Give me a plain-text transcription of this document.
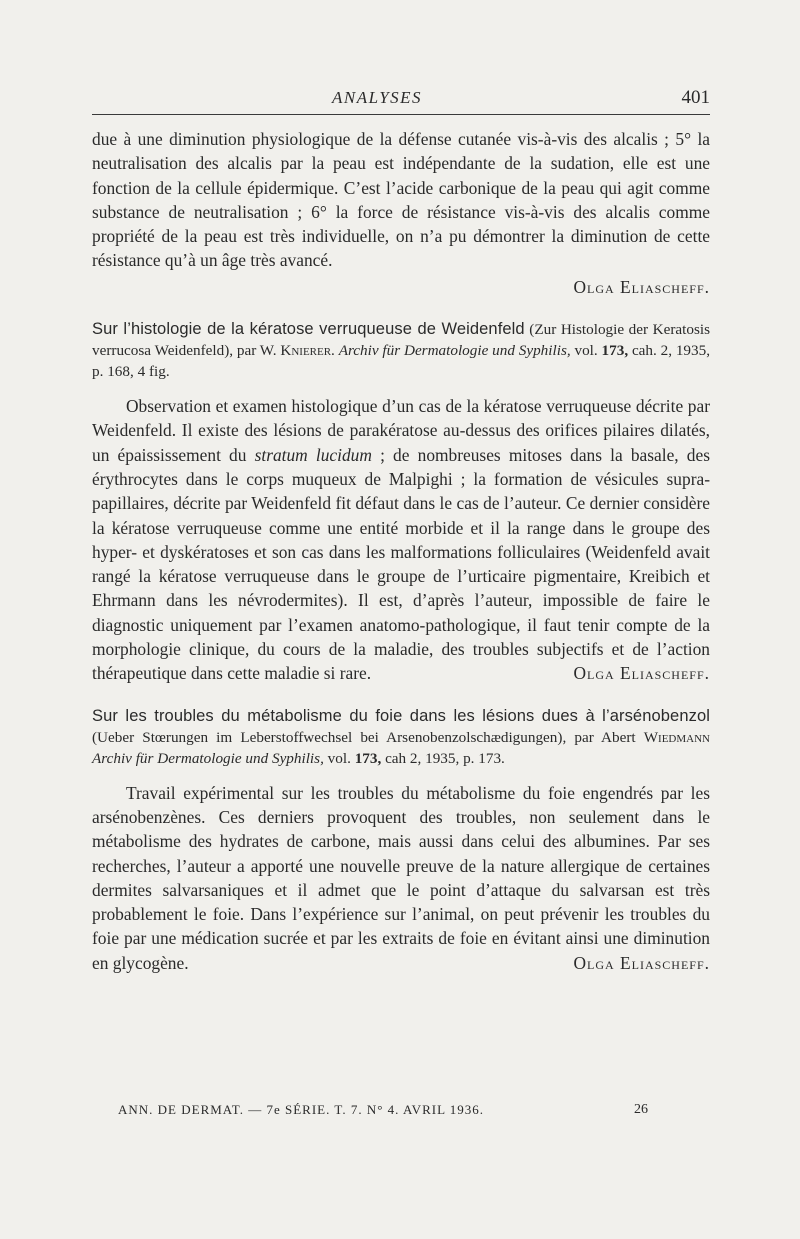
ANALYSES	401

due à une diminution physiologique de la défense cutanée vis-à-vis des alcalis ; 5° la neutralisation des alcalis par la peau est indépendante de la sudation, elle est une fonction de la cellule épidermique. C’est l’acide carbonique de la peau qui agit comme substance de neutralisation ; 6° la force de résistance vis-à-vis des alcalis comme propriété de la peau est très individuelle, on n’a pu démontrer la diminution de cette résistance qu’à un âge très avancé.

Olga Eliascheff.

Sur l’histologie de la kératose verruqueuse de Weidenfeld (Zur Histologie der Keratosis verrucosa Weidenfeld), par W. Knierer. Archiv für Dermatologie und Syphilis, vol. 173, cah. 2, 1935, p. 168, 4 fig.

Observation et examen histologique d’un cas de la kératose verruqueuse décrite par Weidenfeld. Il existe des lésions de parakératose au-dessus des orifices pilaires dilatés, un épaississement du stratum lucidum ; de nombreuses mitoses dans la basale, des érythrocytes dans le corps muqueux de Malpighi ; la formation de vésicules supra-papillaires, décrite par Weidenfeld fit défaut dans le cas de l’auteur. Ce dernier considère la kératose verruqueuse comme une entité morbide et il la range dans le groupe des hyper- et dyskératoses et son cas dans les malformations folliculaires (Weidenfeld avait rangé la kératose verruqueuse dans le groupe de l’urticaire pigmentaire, Kreibich et Ehrmann dans les névrodermites). Il est, d’après l’auteur, impossible de faire le diagnostic uniquement par l’examen anatomo-pathologique, il faut tenir compte de la morphologie clinique, du cours de la maladie, des troubles subjectifs et de l’action thérapeutique dans cette maladie si rare.	Olga Eliascheff.

Sur les troubles du métabolisme du foie dans les lésions dues à l’arsénobenzol (Ueber Stœrungen im Leberstoffwechsel bei Arsenobenzolschædigungen), par Abert Wiedmann Archiv für Dermatologie und Syphilis, vol. 173, cah 2, 1935, p. 173.

Travail expérimental sur les troubles du métabolisme du foie engendrés par les arsénobenzènes. Ces derniers provoquent des troubles, non seulement dans le métabolisme des hydrates de carbone, mais aussi dans celui des albumines. Par ses recherches, l’auteur a apporté une nouvelle preuve de la nature allergique de certaines dermites salvarsaniques et il admet que le point d’attaque du salvarsan est très probablement le foie. Dans l’expérience sur l’animal, on peut prévenir les troubles du foie par une médication sucrée et par les extraits de foie en évitant ainsi une diminution en glycogène.	Olga Eliascheff.

ANN. DE DERMAT. — 7e SÉRIE. T. 7. N° 4. AVRIL 1936.	26
